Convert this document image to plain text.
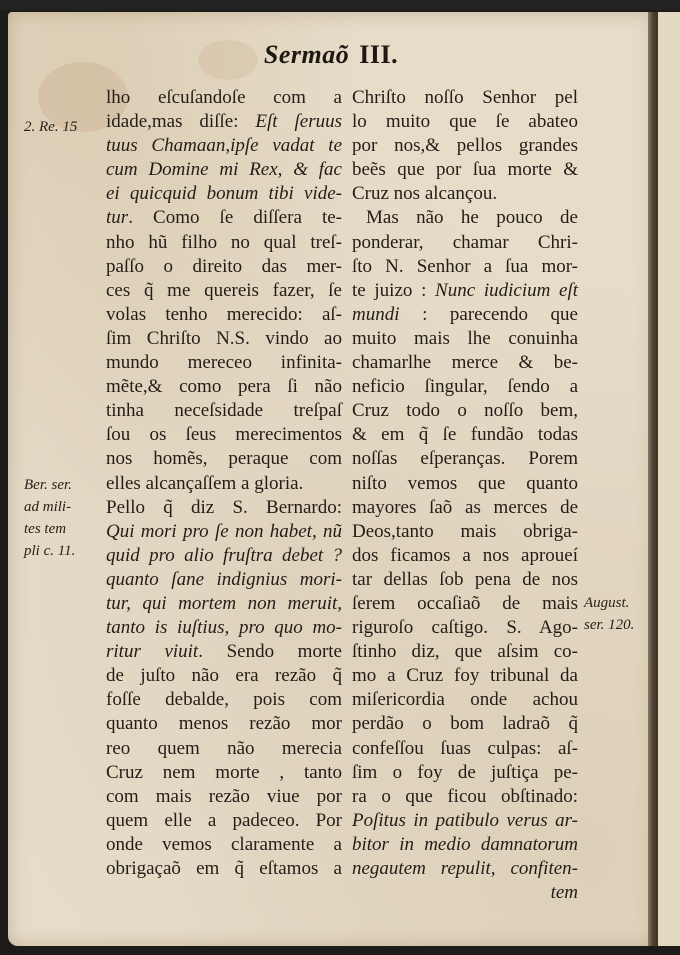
Sermaõ III.
2. Re. 15
Ber. ser.
ad mili-
tes tem
pli c. 11.
August.
ser. 120.
lho eſcuſandoſe com a
idade,mas diſſe: Eſt ſeruus
tuus Chamaan,ipſe vadat te
cum Domine mi Rex, & fac
ei quicquid bonum tibi vide-
tur. Como ſe diſſera te-
nho hũ filho no qual treſ-
paſſo o direito das mer-
ces q̃ me quereis fazer, ſe
volas tenho merecido: aſ-
ſim Chriſto N.S. vindo ao
mundo mereceo infinita-
mẽte,& como pera ſi não
tinha neceſsidade treſpaſ
ſou os ſeus merecimentos
nos homẽs, peraque com
elles alcançaſſem a gloria.
Pello q̃ diz S. Bernardo:
Qui mori pro ſe non habet, nũ
quid pro alio fruſtra debet ?
quanto ſane indignius mori-
tur, qui mortem non meruit,
tanto is iuſtius, pro quo mo-
ritur viuit. Sendo morte
de juſto não era rezão q̃
foſſe debalde, pois com
quanto menos rezão mor
reo quem não merecia
Cruz nem morte , tanto
com mais rezão viue por
quem elle a padeceo. Por
onde vemos claramente a
obrigaçaõ em q̃ eſtamos a
Chriſto noſſo Senhor pel
lo muito que ſe abateo
por nos,& pellos grandes
beẽs que por ſua morte &
Cruz nos alcançou.
Mas não he pouco de
ponderar, chamar Chri-
ſto N. Senhor a ſua mor-
te juizo : Nunc iudicium eſt
mundi : parecendo que
muito mais lhe conuinha
chamarlhe merce & be-
neficio ſingular, ſendo a
Cruz todo o noſſo bem,
& em q̃ ſe fundão todas
noſſas eſperanças. Porem
niſto vemos que quanto
mayores ſaõ as merces de
Deos,tanto mais obriga-
dos ficamos a nos aproueí
tar dellas ſob pena de nos
ſerem occaſiaõ de mais
riguroſo caſtigo. S. Ago-
ſtinho diz, que aſsim co-
mo a Cruz foy tribunal da
miſericordia onde achou
perdão o bom ladraõ q̃
confeſſou ſuas culpas: aſ-
ſim o foy de juſtiça pe-
ra o que ficou obſtinado:
Poſitus in patibulo verus ar-
bitor in medio damnatorum
negautem repulit, confiten-
tem
